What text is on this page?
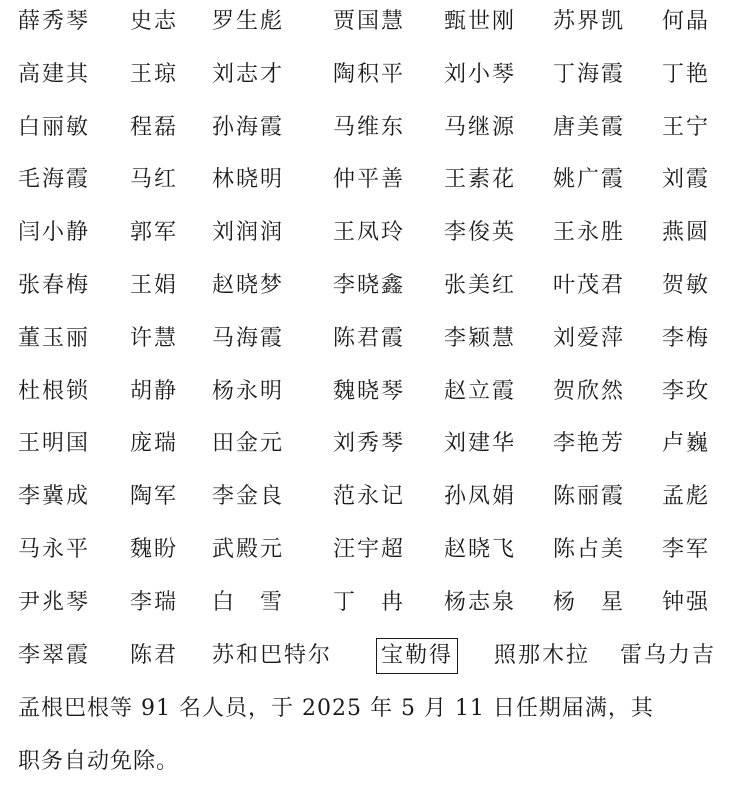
薛秀琴 史志 罗生彪 贾国慧 甄世刚 苏界凯 何晶
高建其 王琼 刘志才 陶积平 刘小琴 丁海霞 丁艳
白丽敏 程磊 孙海霞 马维东 马继源 唐美霞 王宁
毛海霞 马红 林晓明 仲平善 王素花 姚广霞 刘霞
闫小静 郭军 刘润润 王凤玲 李俊英 王永胜 燕圆
张春梅 王娟 赵晓梦 李晓鑫 张美红 叶茂君 贺敏
董玉丽 许慧 马海霞 陈君霞 李颖慧 刘爱萍 李梅
杜根锁 胡静 杨永明 魏晓琴 赵立霞 贺欣然 李玫
王明国 庞瑞 田金元 刘秀琴 刘建华 李艳芳 卢巍
李冀成 陶军 李金良 范永记 孙凤娟 陈丽霞 孟彪
马永平 魏盼 武殿元 汪宇超 赵晓飞 陈占美 李军
尹兆琴 李瑞 白　雪 丁　冉 杨志泉 杨　星 钟强
李翠霞 陈君 苏和巴特尔 宝勒得 照那木拉 雷乌力吉
孟根巴根等 91 名人员，于 2025 年 5 月 11 日任期届满，其
职务自动免除。
